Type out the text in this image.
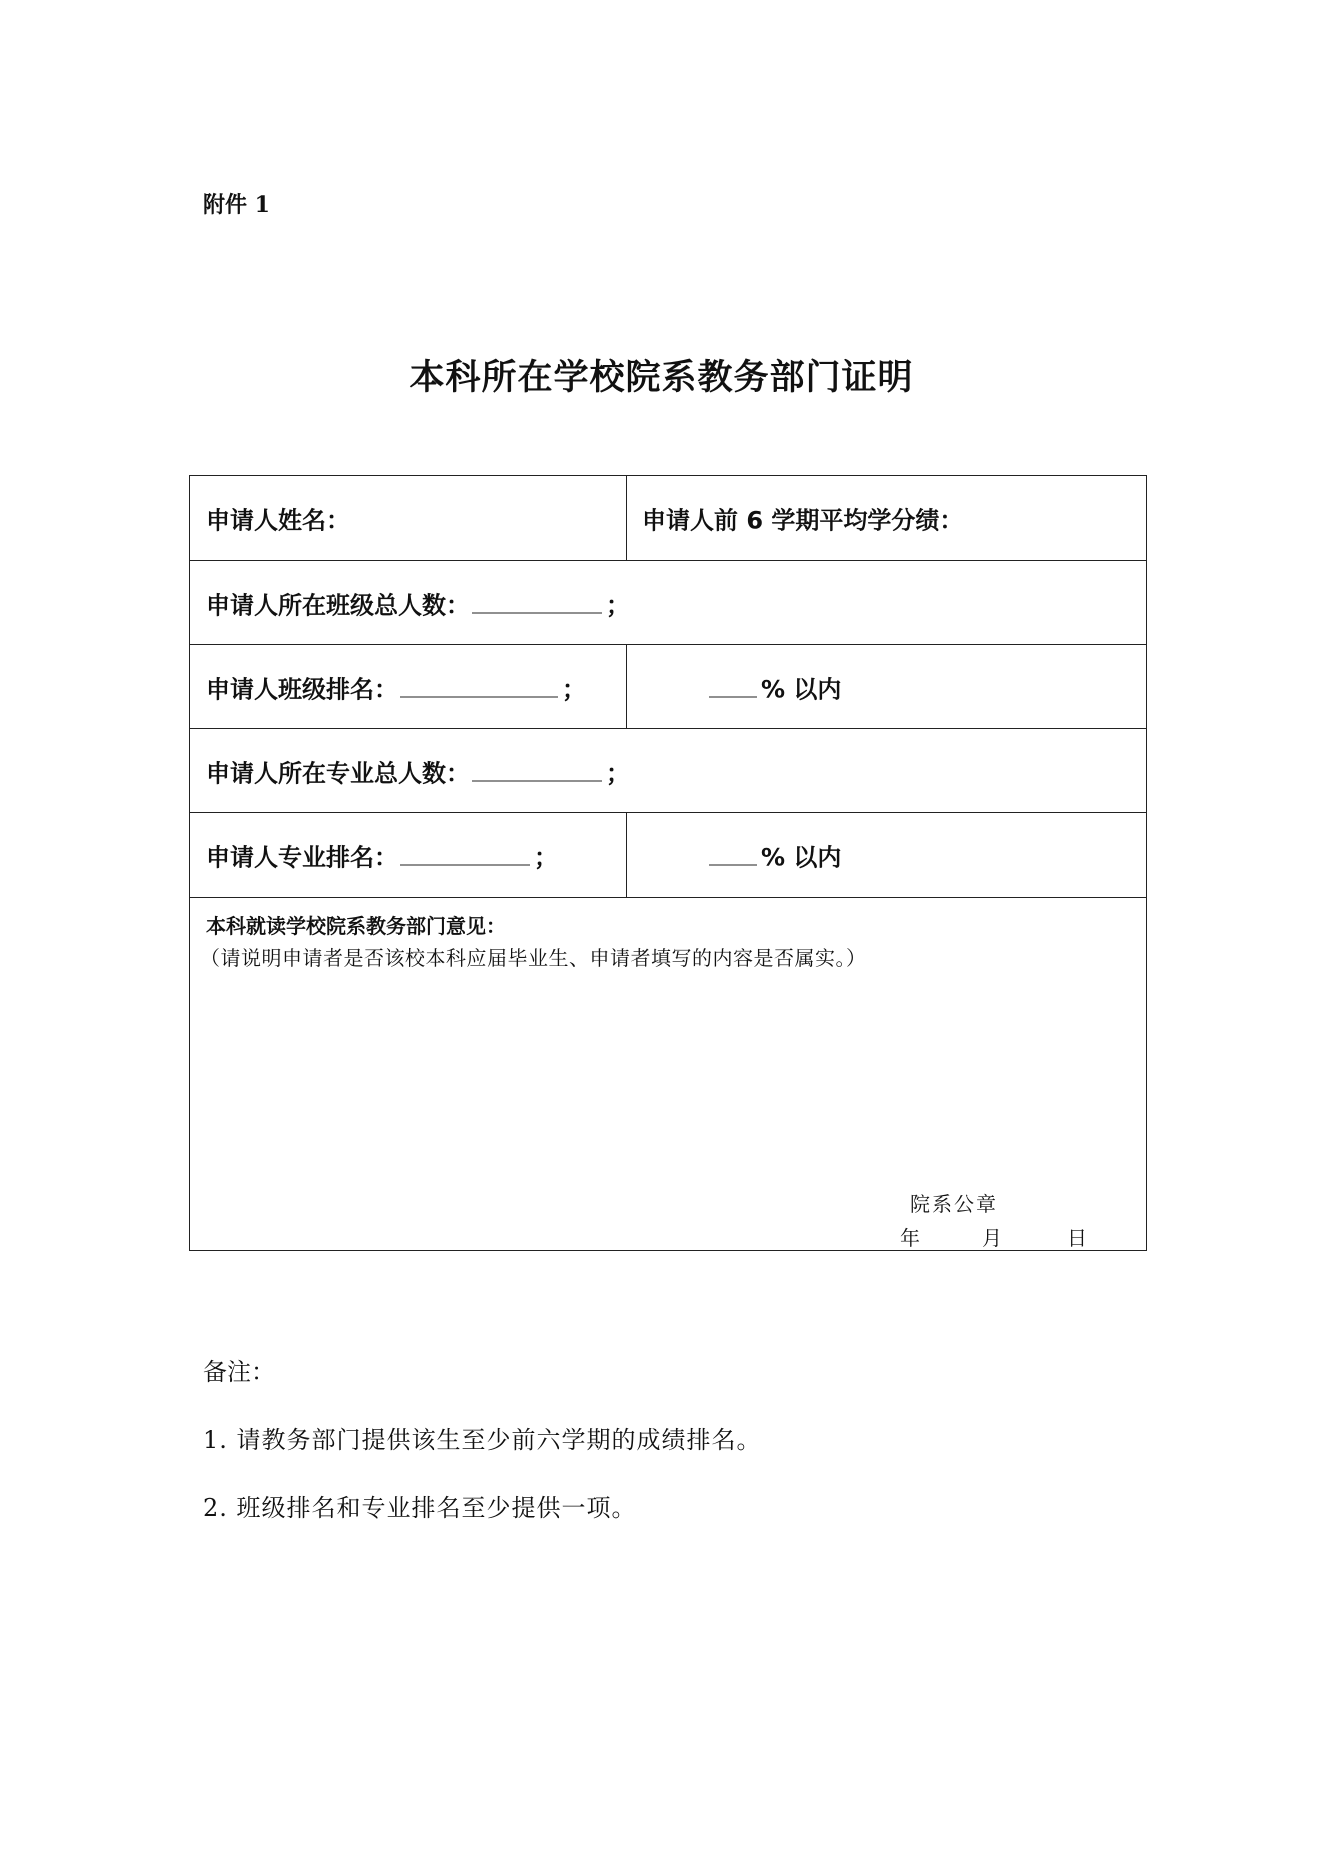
附件 1
本科所在学校院系教务部门证明
申请人姓名：	申请人前 6 学期平均学分绩：
申请人所在班级总人数：	；
申请人班级排名：	；	% 以内
申请人所在专业总人数：	；
申请人专业排名：	；	% 以内
本科就读学校院系教务部门意见：
（请说明申请者是否该校本科应届毕业生、申请者填写的内容是否属实。）
院系公章
年	月	日
备注：
1. 请教务部门提供该生至少前六学期的成绩排名。
2. 班级排名和专业排名至少提供一项。
